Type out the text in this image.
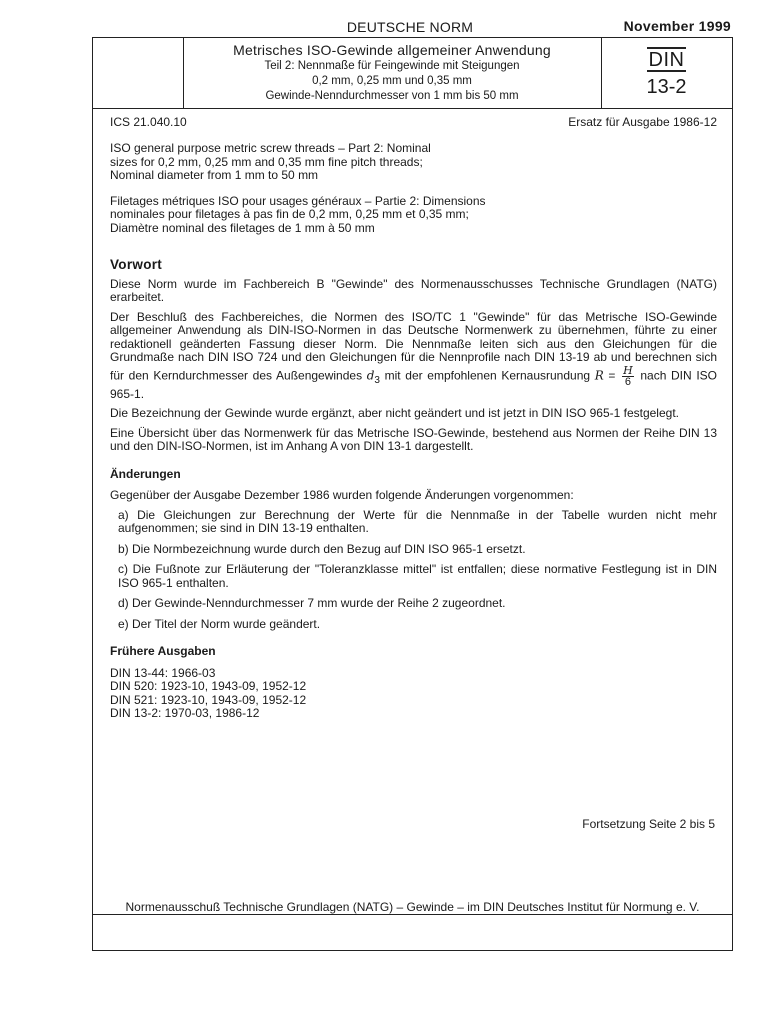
DEUTSCHE NORM	November 1999
Metrisches ISO-Gewinde allgemeiner Anwendung
Teil 2: Nennmaße für Feingewinde mit Steigungen
0,2 mm, 0,25 mm und 0,35 mm
Gewinde-Nenndurchmesser von 1 mm bis 50 mm
DIN
13-2
ICS 21.040.10	Ersatz für Ausgabe 1986-12
ISO general purpose metric screw threads – Part 2: Nominal
sizes for 0,2 mm, 0,25 mm and 0,35 mm fine pitch threads;
Nominal diameter from 1 mm to 50 mm
Filetages métriques ISO pour usages généraux – Partie 2: Dimensions
nominales pour filetages à pas fin de 0,2 mm, 0,25 mm et 0,35 mm;
Diamètre nominal des filetages de 1 mm à 50 mm
Vorwort

Diese Norm wurde im Fachbereich B "Gewinde" des Normenausschusses Technische Grundlagen (NATG) erarbeitet.

Der Beschluß des Fachbereiches, die Normen des ISO/TC 1 "Gewinde" für das Metrische ISO-Gewinde allgemeiner Anwendung als DIN-ISO-Normen in das Deutsche Normenwerk zu übernehmen, führte zu einer redaktionell geänderten Fassung dieser Norm. Die Nennmaße leiten sich aus den Gleichungen für die Grundmaße nach DIN ISO 724 und den Gleichungen für die Nennprofile nach DIN 13-19 ab und berechnen sich für den Kerndurchmesser des Außengewindes $d_3$ mit der empfohlenen Kernausrundung $R = \frac{H}{6}$ nach DIN ISO 965-1.

Die Bezeichnung der Gewinde wurde ergänzt, aber nicht geändert und ist jetzt in DIN ISO 965-1 festgelegt.

Eine Übersicht über das Normenwerk für das Metrische ISO-Gewinde, bestehend aus Normen der Reihe DIN 13 und den DIN-ISO-Normen, ist im Anhang A von DIN 13-1 dargestellt.

Änderungen

Gegenüber der Ausgabe Dezember 1986 wurden folgende Änderungen vorgenommen:

a) Die Gleichungen zur Berechnung der Werte für die Nennmaße in der Tabelle wurden nicht mehr aufgenommen; sie sind in DIN 13-19 enthalten.

b) Die Normbezeichnung wurde durch den Bezug auf DIN ISO 965-1 ersetzt.

c) Die Fußnote zur Erläuterung der "Toleranzklasse mittel" ist entfallen; diese normative Festlegung ist in DIN ISO 965-1 enthalten.

d) Der Gewinde-Nenndurchmesser 7 mm wurde der Reihe 2 zugeordnet.

e) Der Titel der Norm wurde geändert.

Frühere Ausgaben
DIN 13-44: 1966-03
DIN 520: 1923-10, 1943-09, 1952-12
DIN 521: 1923-10, 1943-09, 1952-12
DIN 13-2: 1970-03, 1986-12
Fortsetzung Seite 2 bis 5
Normenausschuß Technische Grundlagen (NATG) – Gewinde – im DIN Deutsches Institut für Normung e. V.
